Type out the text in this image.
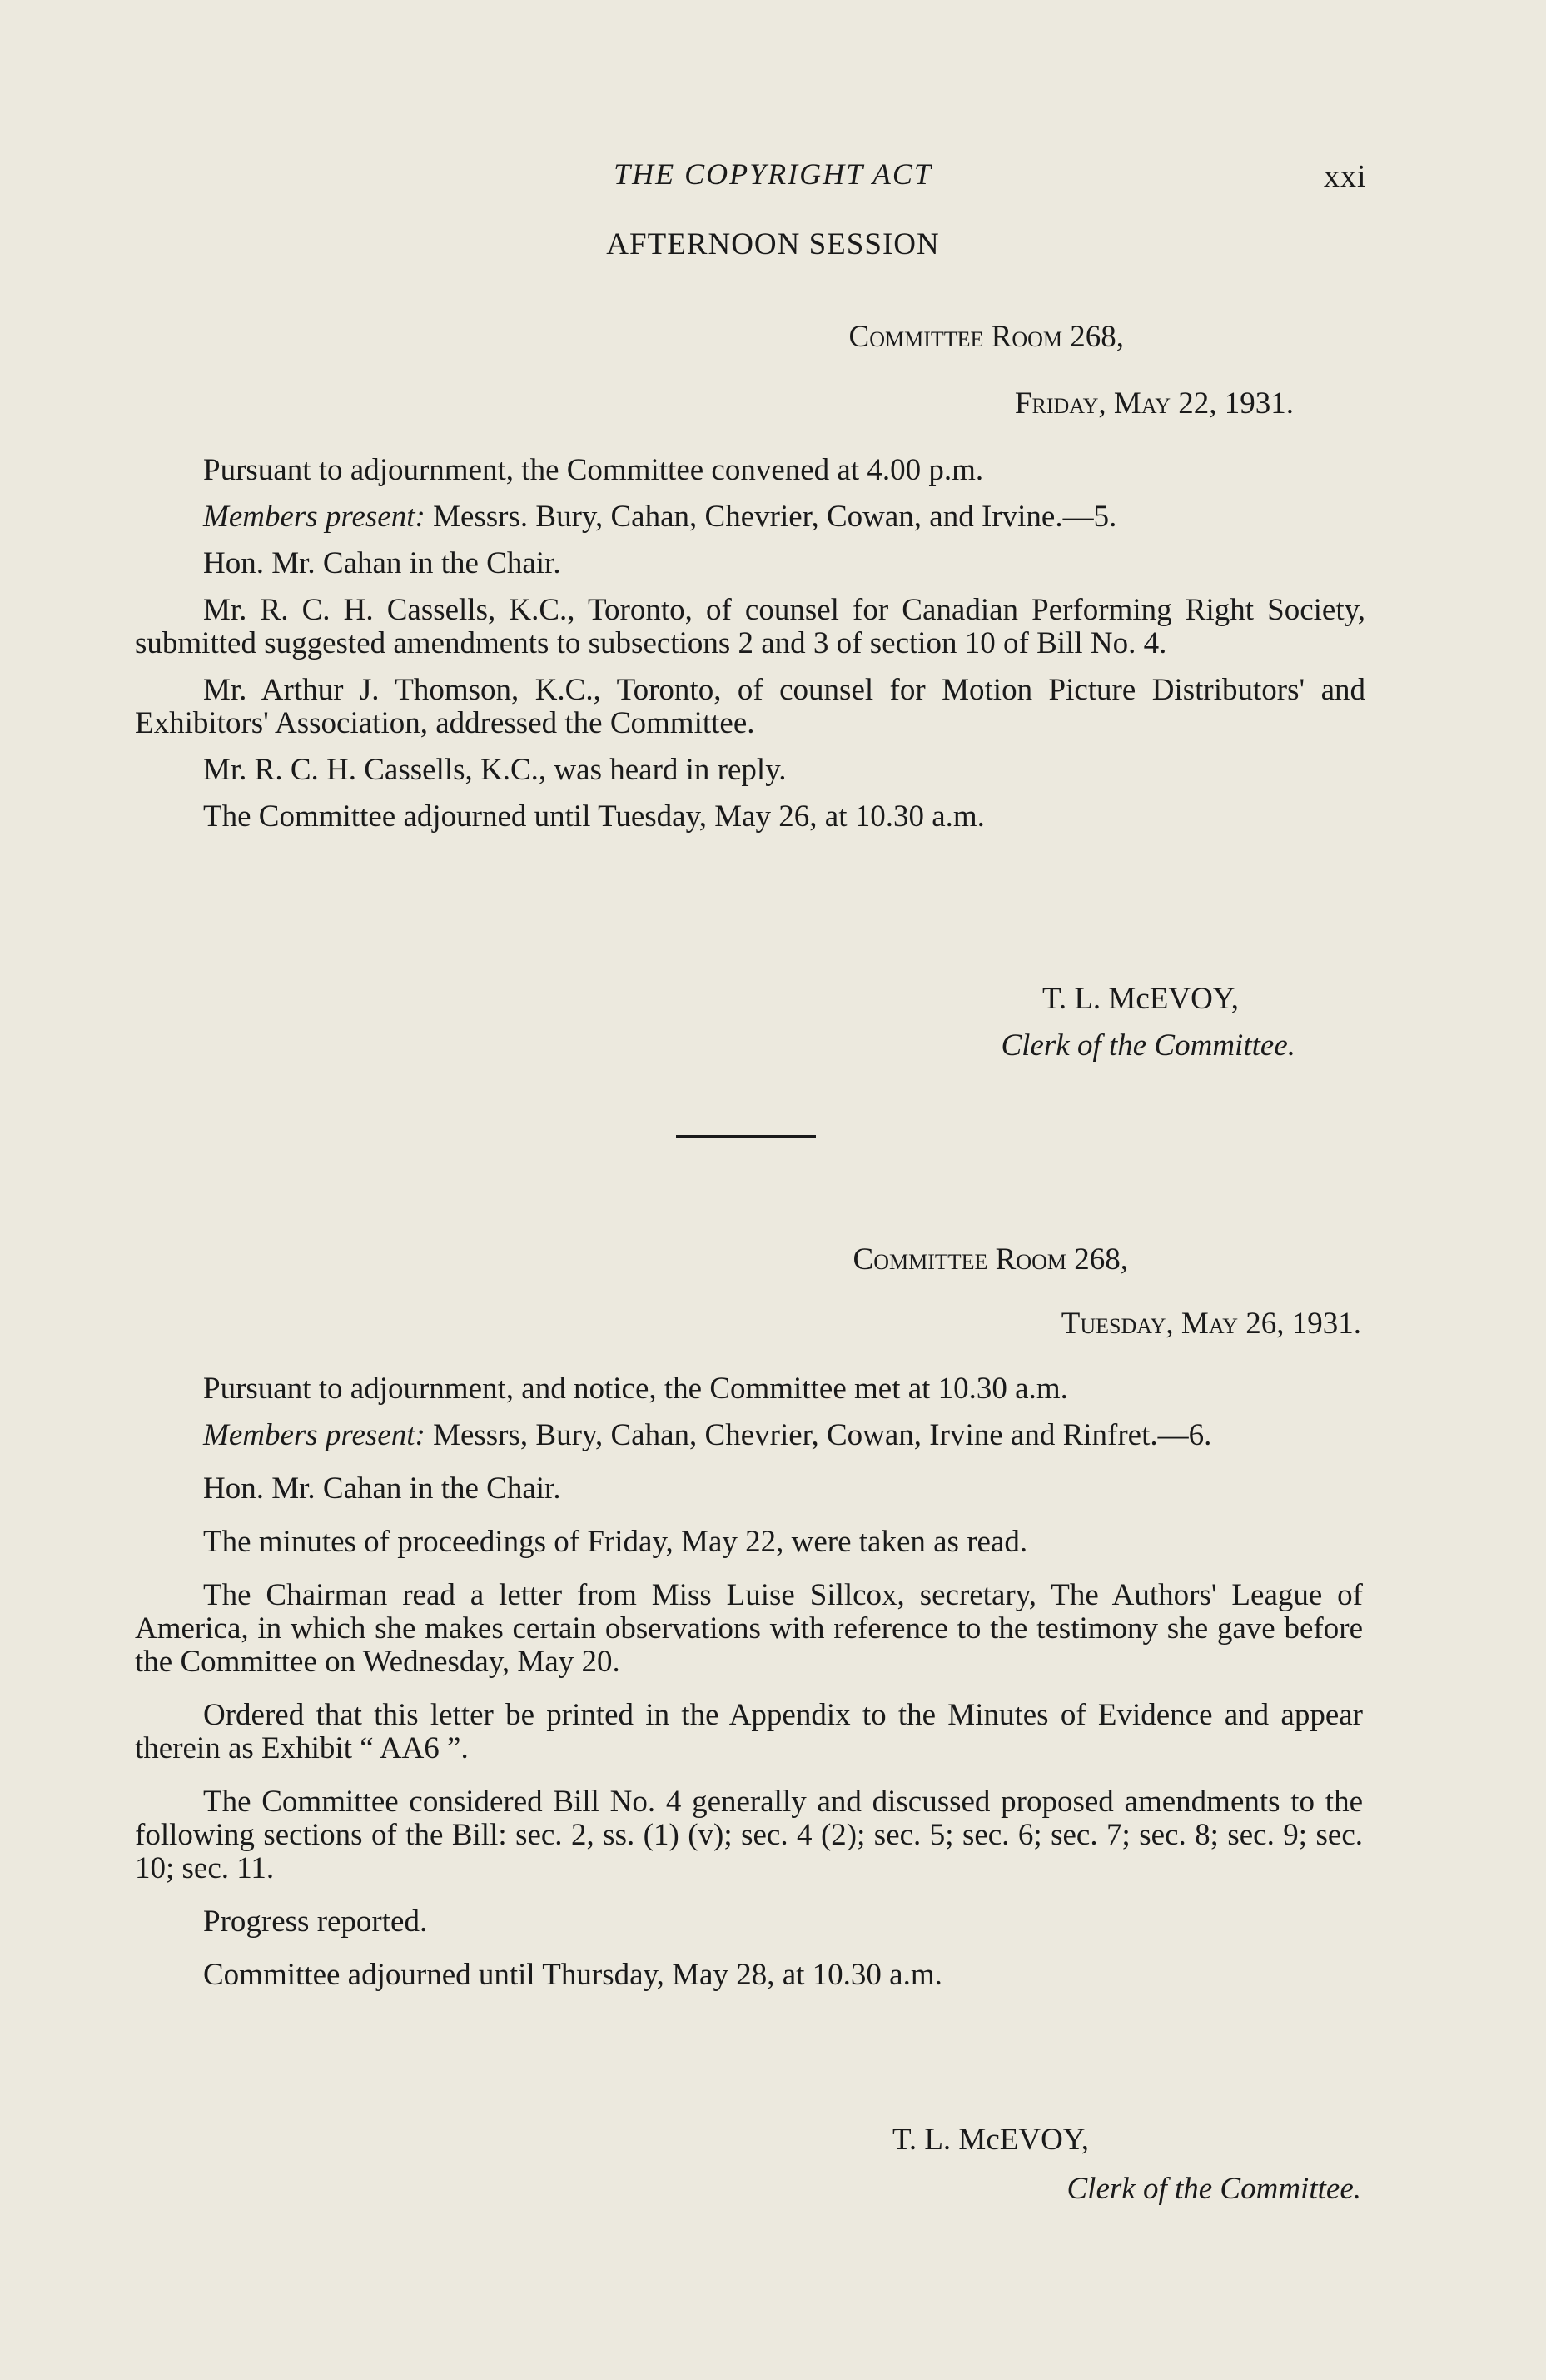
THE COPYRIGHT ACT	xxi
AFTERNOON SESSION
Committee Room 268,
Friday, May 22, 1931.

Pursuant to adjournment, the Committee convened at 4.00 p.m.

Members present: Messrs. Bury, Cahan, Chevrier, Cowan, and Irvine.—5.

Hon. Mr. Cahan in the Chair.

Mr. R. C. H. Cassells, K.C., Toronto, of counsel for Canadian Performing Right Society, submitted suggested amendments to subsections 2 and 3 of section 10 of Bill No. 4.

Mr. Arthur J. Thomson, K.C., Toronto, of counsel for Motion Picture Distributors' and Exhibitors' Association, addressed the Committee.

Mr. R. C. H. Cassells, K.C., was heard in reply.

The Committee adjourned until Tuesday, May 26, at 10.30 a.m.

T. L. McEVOY,
Clerk of the Committee.
Committee Room 268,
Tuesday, May 26, 1931.

Pursuant to adjournment, and notice, the Committee met at 10.30 a.m.

Members present: Messrs, Bury, Cahan, Chevrier, Cowan, Irvine and Rinfret.—6.

Hon. Mr. Cahan in the Chair.

The minutes of proceedings of Friday, May 22, were taken as read.

The Chairman read a letter from Miss Luise Sillcox, secretary, The Authors' League of America, in which she makes certain observations with reference to the testimony she gave before the Committee on Wednesday, May 20.

Ordered that this letter be printed in the Appendix to the Minutes of Evidence and appear therein as Exhibit “ AA6 ”.

The Committee considered Bill No. 4 generally and discussed proposed amendments to the following sections of the Bill: sec. 2, ss. (1) (v); sec. 4 (2); sec. 5; sec. 6; sec. 7; sec. 8; sec. 9; sec. 10; sec. 11.

Progress reported.

Committee adjourned until Thursday, May 28, at 10.30 a.m.

T. L. McEVOY,
Clerk of the Committee.
